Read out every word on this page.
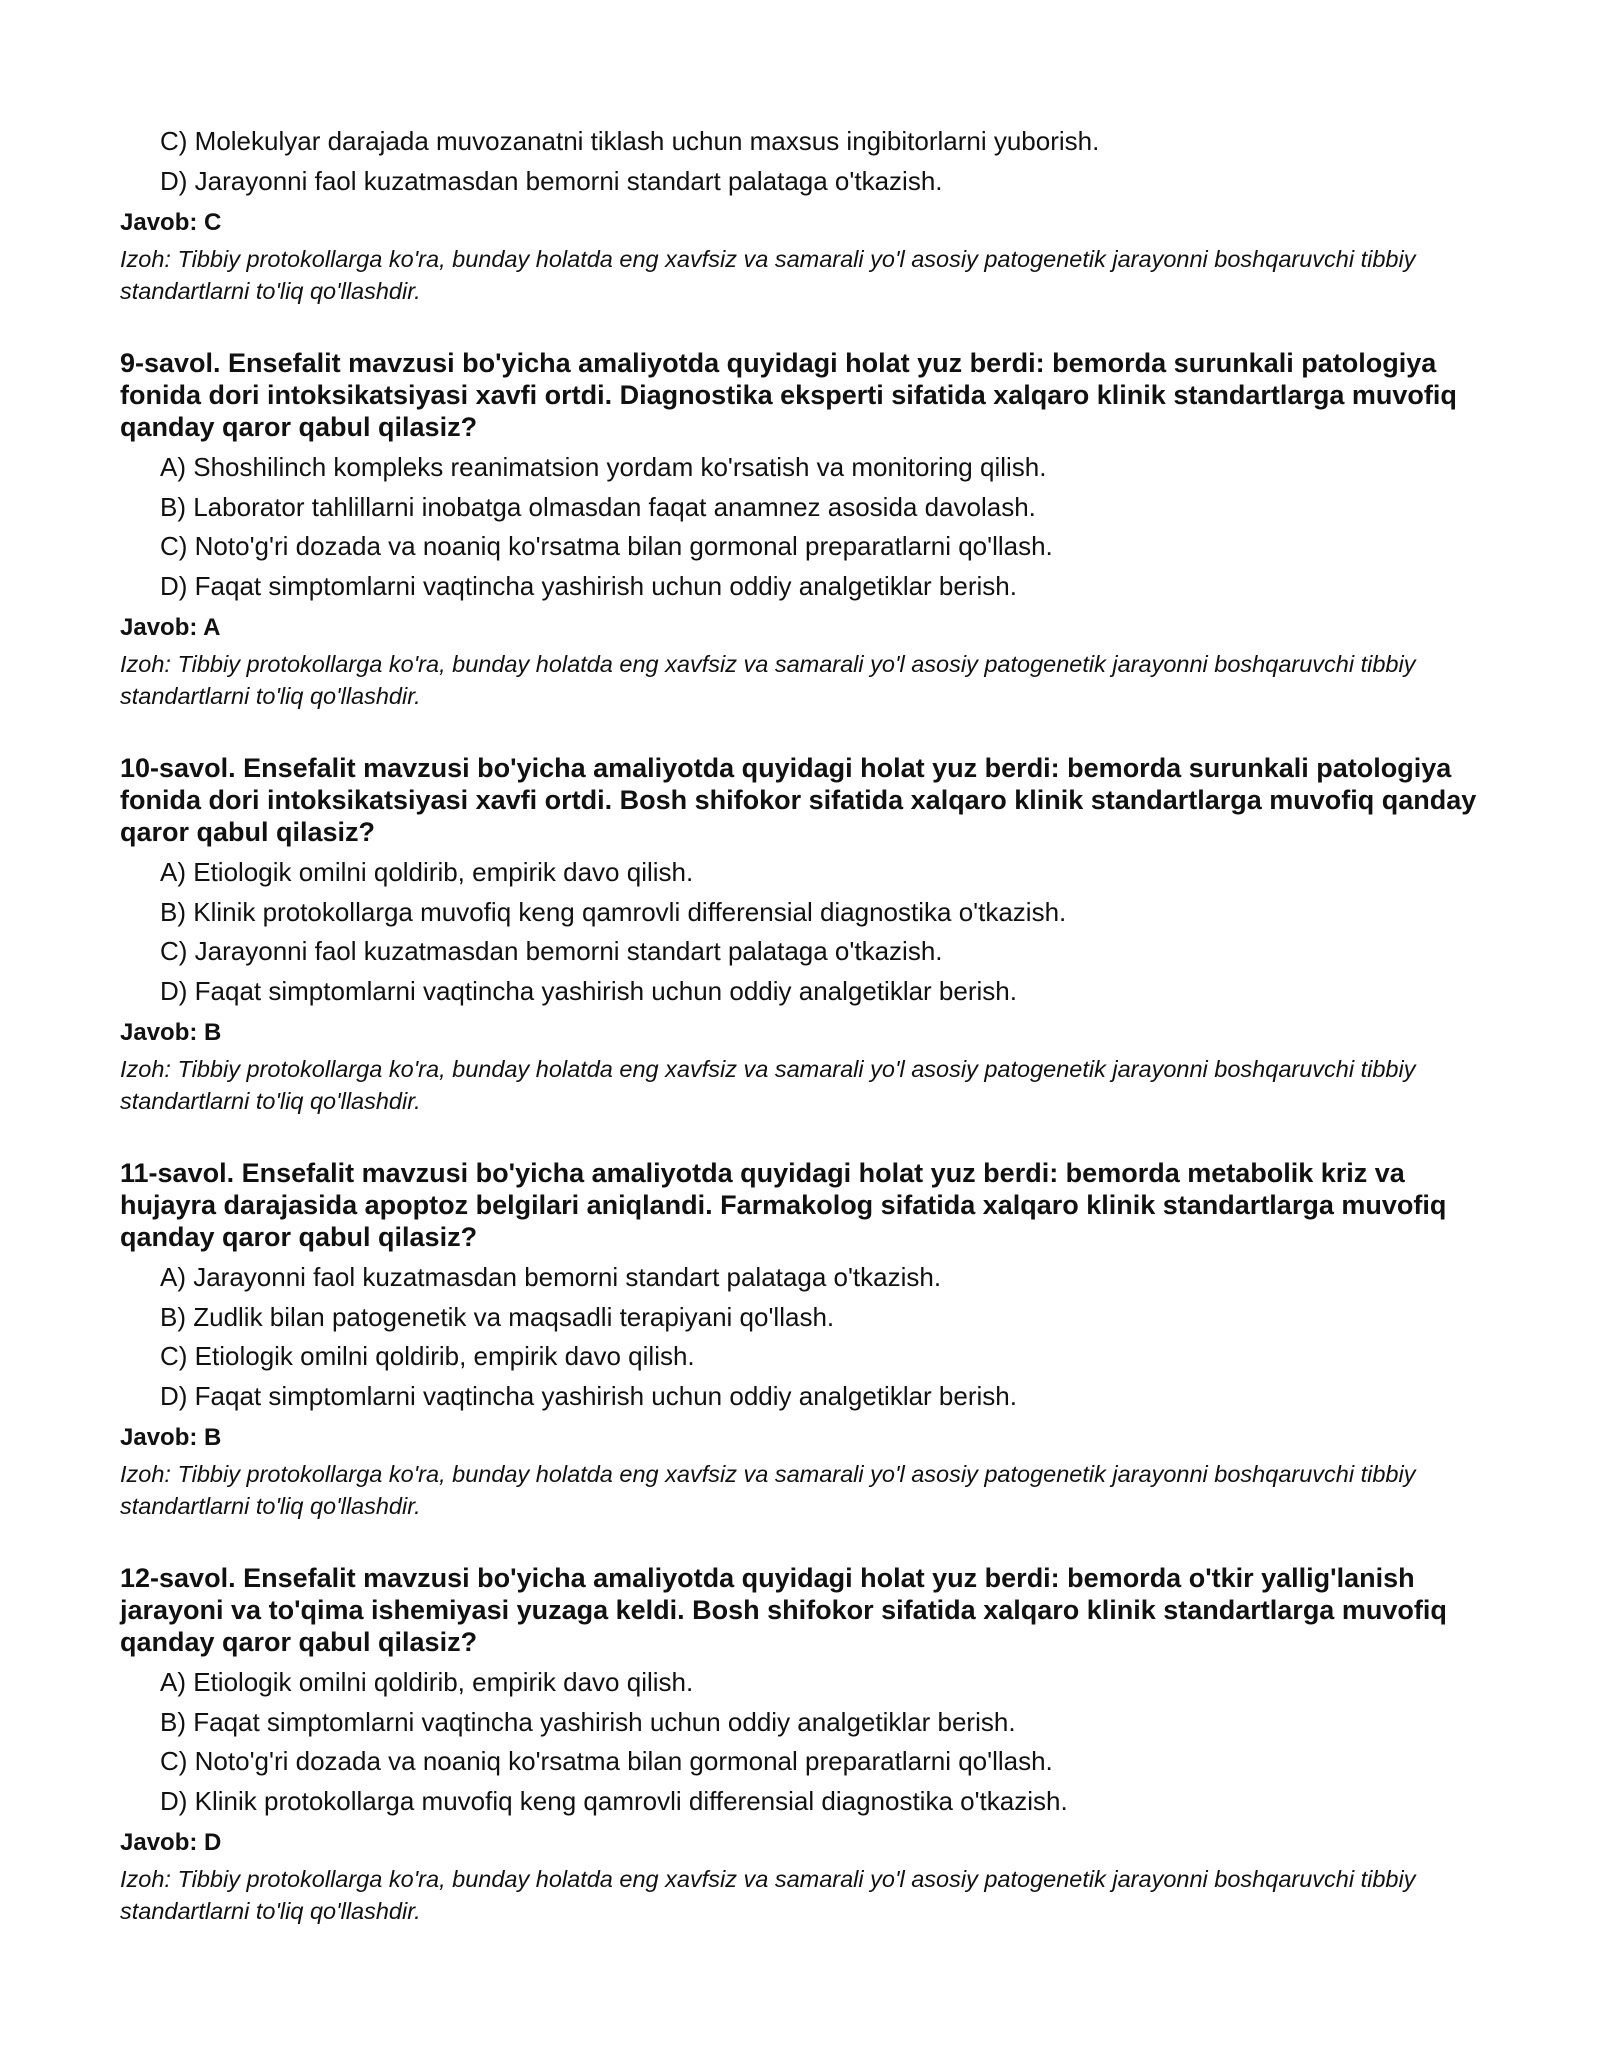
C) Molekulyar darajada muvozanatni tiklash uchun maxsus ingibitorlarni yuborish.

D) Jarayonni faol kuzatmasdan bemorni standart palataga o'tkazish.

Javob: C

Izoh: Tibbiy protokollarga ko'ra, bunday holatda eng xavfsiz va samarali yo'l asosiy patogenetik jarayonni boshqaruvchi tibbiy standartlarni to'liq qo'llashdir.

9-savol. Ensefalit mavzusi bo'yicha amaliyotda quyidagi holat yuz berdi: bemorda surunkali patologiya fonida dori intoksikatsiyasi xavfi ortdi. Diagnostika eksperti sifatida xalqaro klinik standartlarga muvofiq qanday qaror qabul qilasiz?

A) Shoshilinch kompleks reanimatsion yordam ko'rsatish va monitoring qilish.

B) Laborator tahlillarni inobatga olmasdan faqat anamnez asosida davolash.

C) Noto'g'ri dozada va noaniq ko'rsatma bilan gormonal preparatlarni qo'llash.

D) Faqat simptomlarni vaqtincha yashirish uchun oddiy analgetiklar berish.

Javob: A

Izoh: Tibbiy protokollarga ko'ra, bunday holatda eng xavfsiz va samarali yo'l asosiy patogenetik jarayonni boshqaruvchi tibbiy standartlarni to'liq qo'llashdir.

10-savol. Ensefalit mavzusi bo'yicha amaliyotda quyidagi holat yuz berdi: bemorda surunkali patologiya fonida dori intoksikatsiyasi xavfi ortdi. Bosh shifokor sifatida xalqaro klinik standartlarga muvofiq qanday qaror qabul qilasiz?

A) Etiologik omilni qoldirib, empirik davo qilish.

B) Klinik protokollarga muvofiq keng qamrovli differensial diagnostika o'tkazish.

C) Jarayonni faol kuzatmasdan bemorni standart palataga o'tkazish.

D) Faqat simptomlarni vaqtincha yashirish uchun oddiy analgetiklar berish.

Javob: B

Izoh: Tibbiy protokollarga ko'ra, bunday holatda eng xavfsiz va samarali yo'l asosiy patogenetik jarayonni boshqaruvchi tibbiy standartlarni to'liq qo'llashdir.

11-savol. Ensefalit mavzusi bo'yicha amaliyotda quyidagi holat yuz berdi: bemorda metabolik kriz va hujayra darajasida apoptoz belgilari aniqlandi. Farmakolog sifatida xalqaro klinik standartlarga muvofiq qanday qaror qabul qilasiz?

A) Jarayonni faol kuzatmasdan bemorni standart palataga o'tkazish.

B) Zudlik bilan patogenetik va maqsadli terapiyani qo'llash.

C) Etiologik omilni qoldirib, empirik davo qilish.

D) Faqat simptomlarni vaqtincha yashirish uchun oddiy analgetiklar berish.

Javob: B

Izoh: Tibbiy protokollarga ko'ra, bunday holatda eng xavfsiz va samarali yo'l asosiy patogenetik jarayonni boshqaruvchi tibbiy standartlarni to'liq qo'llashdir.

12-savol. Ensefalit mavzusi bo'yicha amaliyotda quyidagi holat yuz berdi: bemorda o'tkir yallig'lanish jarayoni va to'qima ishemiyasi yuzaga keldi. Bosh shifokor sifatida xalqaro klinik standartlarga muvofiq qanday qaror qabul qilasiz?

A) Etiologik omilni qoldirib, empirik davo qilish.

B) Faqat simptomlarni vaqtincha yashirish uchun oddiy analgetiklar berish.

C) Noto'g'ri dozada va noaniq ko'rsatma bilan gormonal preparatlarni qo'llash.

D) Klinik protokollarga muvofiq keng qamrovli differensial diagnostika o'tkazish.

Javob: D

Izoh: Tibbiy protokollarga ko'ra, bunday holatda eng xavfsiz va samarali yo'l asosiy patogenetik jarayonni boshqaruvchi tibbiy standartlarni to'liq qo'llashdir.
